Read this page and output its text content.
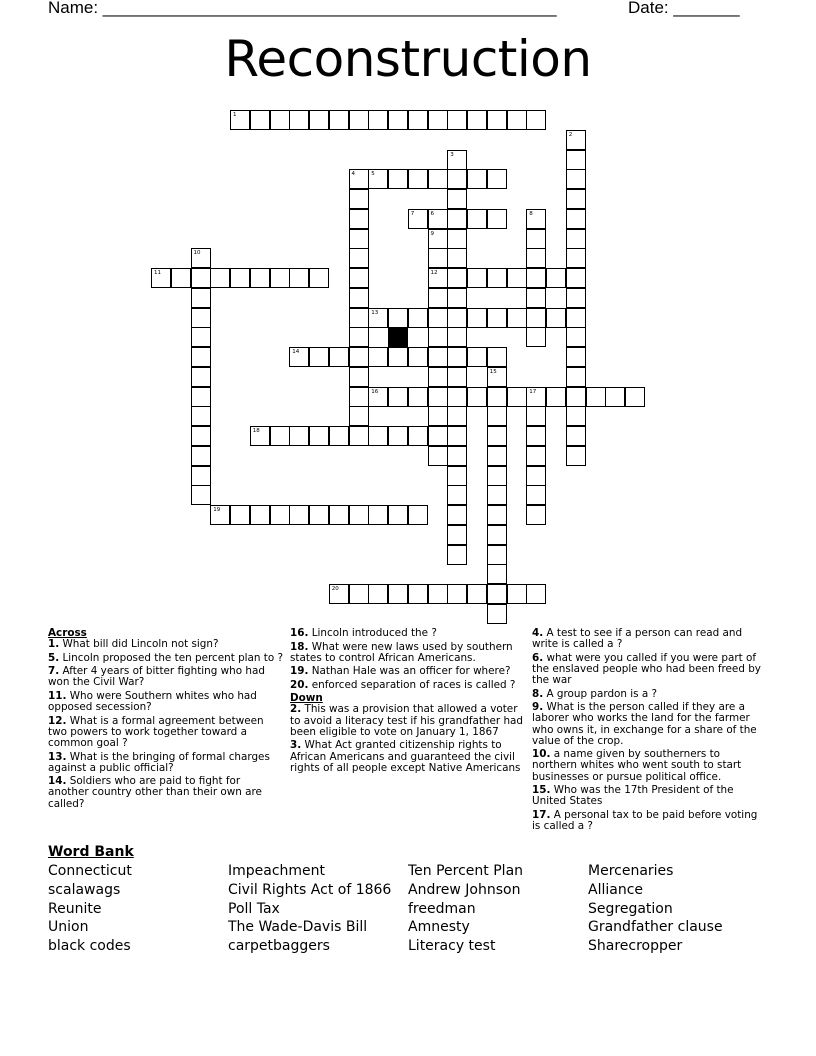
Name: ________________________________________________	Date: _______
Reconstruction
1
2
3
4	5
6
9
12
7	8
10
11
13
14
15
16	17
18
19
20
Across
1. What bill did Lincoln not sign?
5. Lincoln proposed the ten percent plan to ?
7. After 4 years of bitter fighting who had won the Civil War?
11. Who were Southern whites who had opposed secession?
12. What is a formal agreement between two powers to work together toward a common goal ?
13. What is the bringing of formal charges against a public official?
14. Soldiers who are paid to fight for another country other than their own are called?
16. Lincoln introduced the ?
18. What were new laws used by southern states to control African Americans.
19. Nathan Hale was an officer for where?
20. enforced separation of races is called ?
Down
2. This was a provision that allowed a voter to avoid a literacy test if his grandfather had been eligible to vote on January 1, 1867
3. What Act granted citizenship rights to African Americans and guaranteed the civil rights of all people except Native Americans
4. A test to see if a person can read and write is called a ?
6. what were you called if you were part of the enslaved people who had been freed by the war
8. A group pardon is a ?
9. What is the person called if they are a laborer who works the land for the farmer who owns it, in exchange for a share of the value of the crop.
10. a name given by southerners to northern whites who went south to start businesses or pursue political office.
15. Who was the 17th President of the United States
17. A personal tax to be paid before voting is called a ?
Word Bank
Connecticut	Impeachment	Ten Percent Plan	Mercenaries
scalawags	Civil Rights Act of 1866	Andrew Johnson	Alliance
Reunite	Poll Tax	freedman	Segregation
Union	The Wade-Davis Bill	Amnesty	Grandfather clause
black codes	carpetbaggers	Literacy test	Sharecropper
